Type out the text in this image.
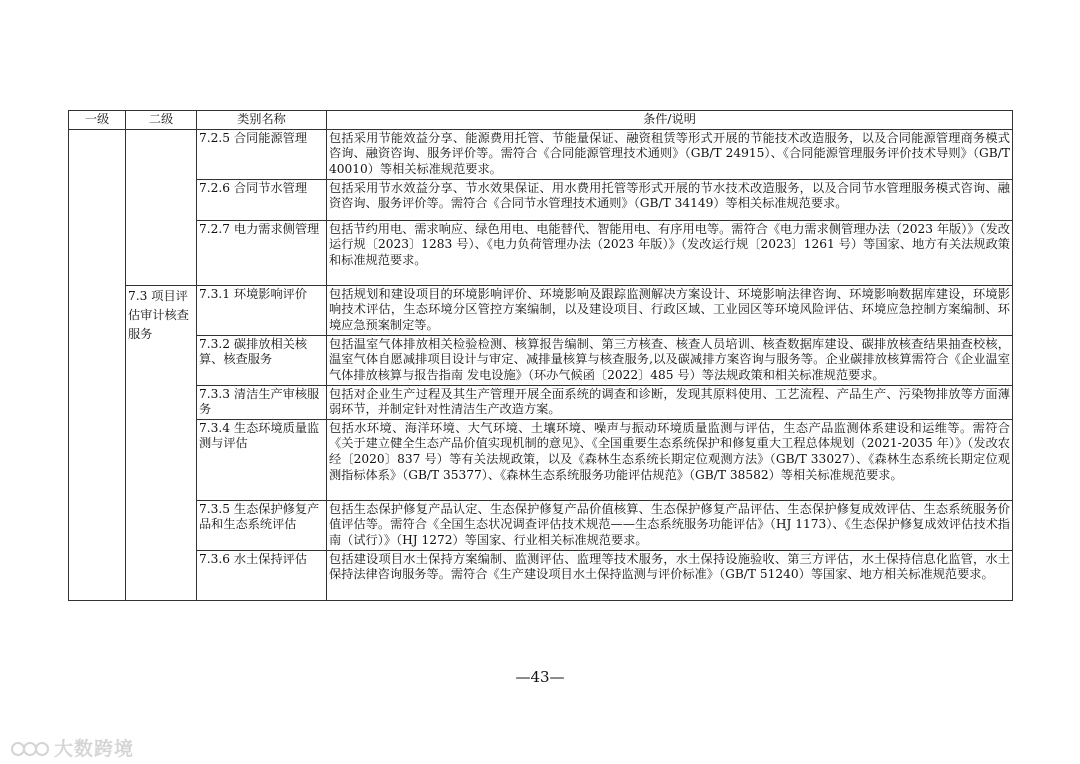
一级	二级	类别名称	条件/说明

		7.2.5 合同能源管理	包括采用节能效益分享、能源费用托管、节能量保证、融资租赁等形式开展的节能技术改造服务，以及合同能源管理商务模式咨询、融资咨询、服务评价等。需符合《合同能源管理技术通则》（GB/T 24915）、《合同能源管理服务评价技术导则》（GB/T 40010）等相关标准规范要求。

		7.2.6 合同节水管理	包括采用节水效益分享、节水效果保证、用水费用托管等形式开展的节水技术改造服务，以及合同节水管理服务模式咨询、融资咨询、服务评价等。需符合《合同节水管理技术通则》（GB/T 34149）等相关标准规范要求。

		7.2.7 电力需求侧管理	包括节约用电、需求响应、绿色用电、电能替代、智能用电、有序用电等。需符合《电力需求侧管理办法（2023 年版）》（发改运行规〔2023〕1283 号）、《电力负荷管理办法（2023 年版）》（发改运行规〔2023〕1261 号）等国家、地方有关法规政策和标准规范要求。
	7.3 项目评估审计核查服务	7.3.1 环境影响评价	包括规划和建设项目的环境影响评价、环境影响及跟踪监测解决方案设计、环境影响法律咨询、环境影响数据库建设，环境影响技术评估，生态环境分区管控方案编制，以及建设项目、行政区域、工业园区等环境风险评估、环境应急控制方案编制、环境应急预案制定等。

		7.3.2 碳排放相关核算、核查服务	包括温室气体排放相关检验检测、核算报告编制、第三方核查、核查人员培训、核查数据库建设、碳排放核查结果抽查校核，温室气体自愿减排项目设计与审定、减排量核算与核查服务,以及碳减排方案咨询与服务等。企业碳排放核算需符合《企业温室气体排放核算与报告指南 发电设施》（环办气候函〔2022〕485 号）等法规政策和相关标准规范要求。

		7.3.3 清洁生产审核服务	包括对企业生产过程及其生产管理开展全面系统的调查和诊断，发现其原料使用、工艺流程、产品生产、污染物排放等方面薄弱环节，并制定针对性清洁生产改造方案。

		7.3.4 生态环境质量监测与评估	包括水环境、海洋环境、大气环境、土壤环境、噪声与振动环境质量监测与评估，生态产品监测体系建设和运维等。需符合《关于建立健全生态产品价值实现机制的意见》、《全国重要生态系统保护和修复重大工程总体规划（2021-2035 年）》（发改农经〔2020〕837 号）等有关法规政策，以及《森林生态系统长期定位观测方法》（GB/T 33027）、《森林生态系统长期定位观测指标体系》（GB/T 35377）、《森林生态系统服务功能评估规范》（GB/T 38582）等相关标准规范要求。

		7.3.5 生态保护修复产品和生态系统评估	包括生态保护修复产品认定、生态保护修复产品价值核算、生态保护修复产品评估、生态保护修复成效评估、生态系统服务价值评估等。需符合《全国生态状况调查评估技术规范——生态系统服务功能评估》（HJ 1173）、《生态保护修复成效评估技术指南（试行）》（HJ 1272）等国家、行业相关标准规范要求。

		7.3.6 水土保持评估	包括建设项目水土保持方案编制、监测评估、监理等技术服务，水土保持设施验收、第三方评估，水土保持信息化监管，水土保持法律咨询服务等。需符合《生产建设项目水土保持监测与评价标准》（GB/T 51240）等国家、地方相关标准规范要求。
—43—
大数跨境
